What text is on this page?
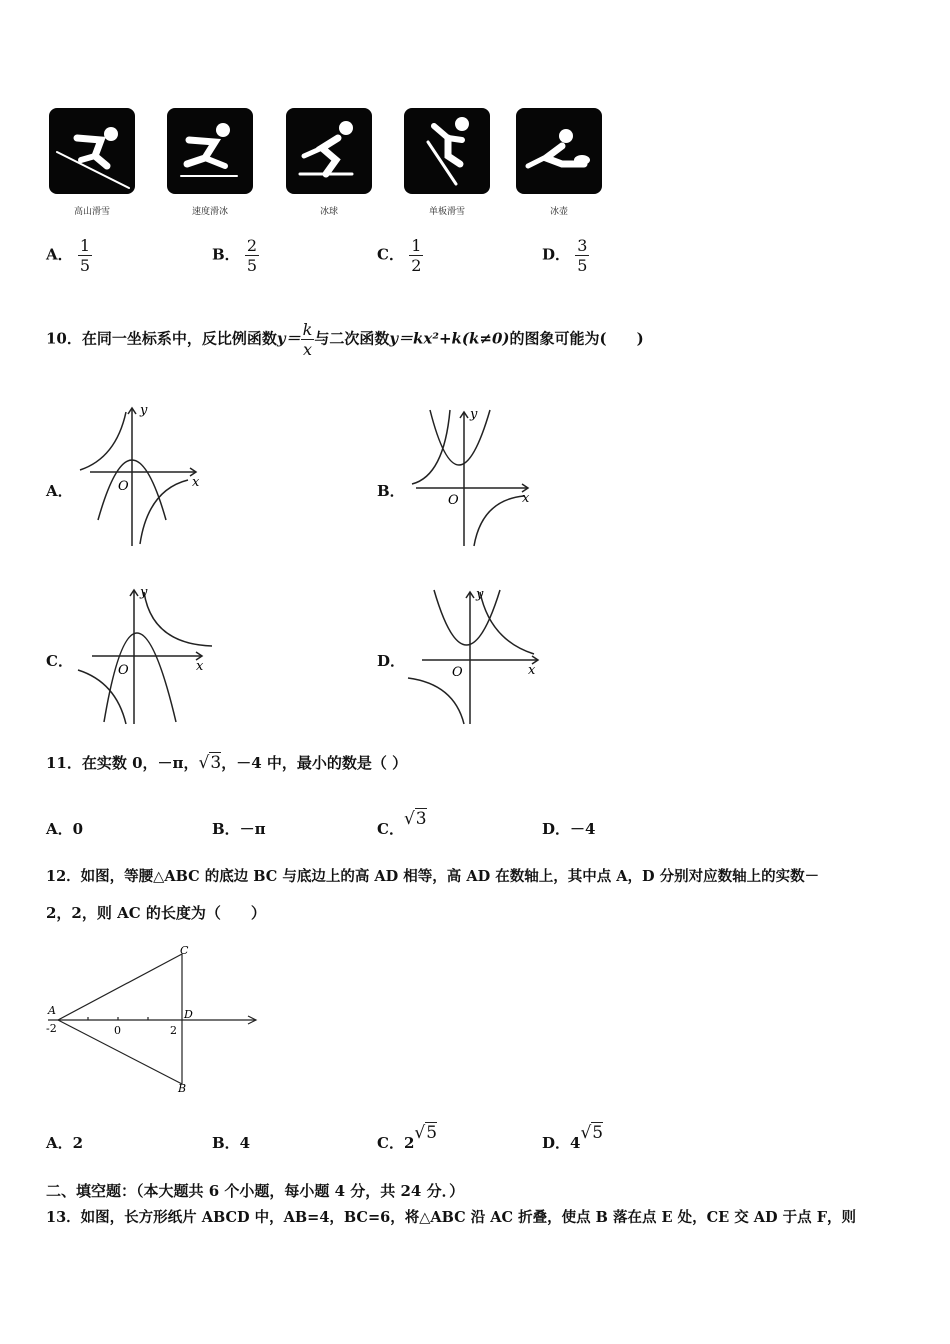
高山滑雪	速度滑冰	冰球	单板滑雪	冰壶
A． $\frac{1}{5}$	B． $\frac{2}{5}$	C． $\frac{1}{2}$	D． $\frac{3}{5}$
10．在同一坐标系中，反比例函数$y= \frac{k}{x}$ 与二次函数y＝kx²+k(k≠0)的图象可能为(　　)
A．
y
x
O	B．
y
x
O
C．
y
x
O
D．
y
x
O
11．在实数 0，－π，√3，－4 中，最小的数是（ ）
A．0	B．－π	C．√3	D．－4
12．如图，等腰△ABC 的底边 BC 与底边上的高 AD 相等，高 AD 在数轴上，其中点 A，D 分别对应数轴上的实数－
2，2，则 AC 的长度为（　　）
A
-2	0	2
D
C
B
A．2	B．4	C．2√5	D．4√5
二、填空题：（本大题共 6 个小题，每小题 4 分，共 24 分．）
13．如图，长方形纸片 ABCD 中，AB=4，BC=6，将△ABC 沿 AC 折叠，使点 B 落在点 E 处，CE 交 AD 于点 F，则
